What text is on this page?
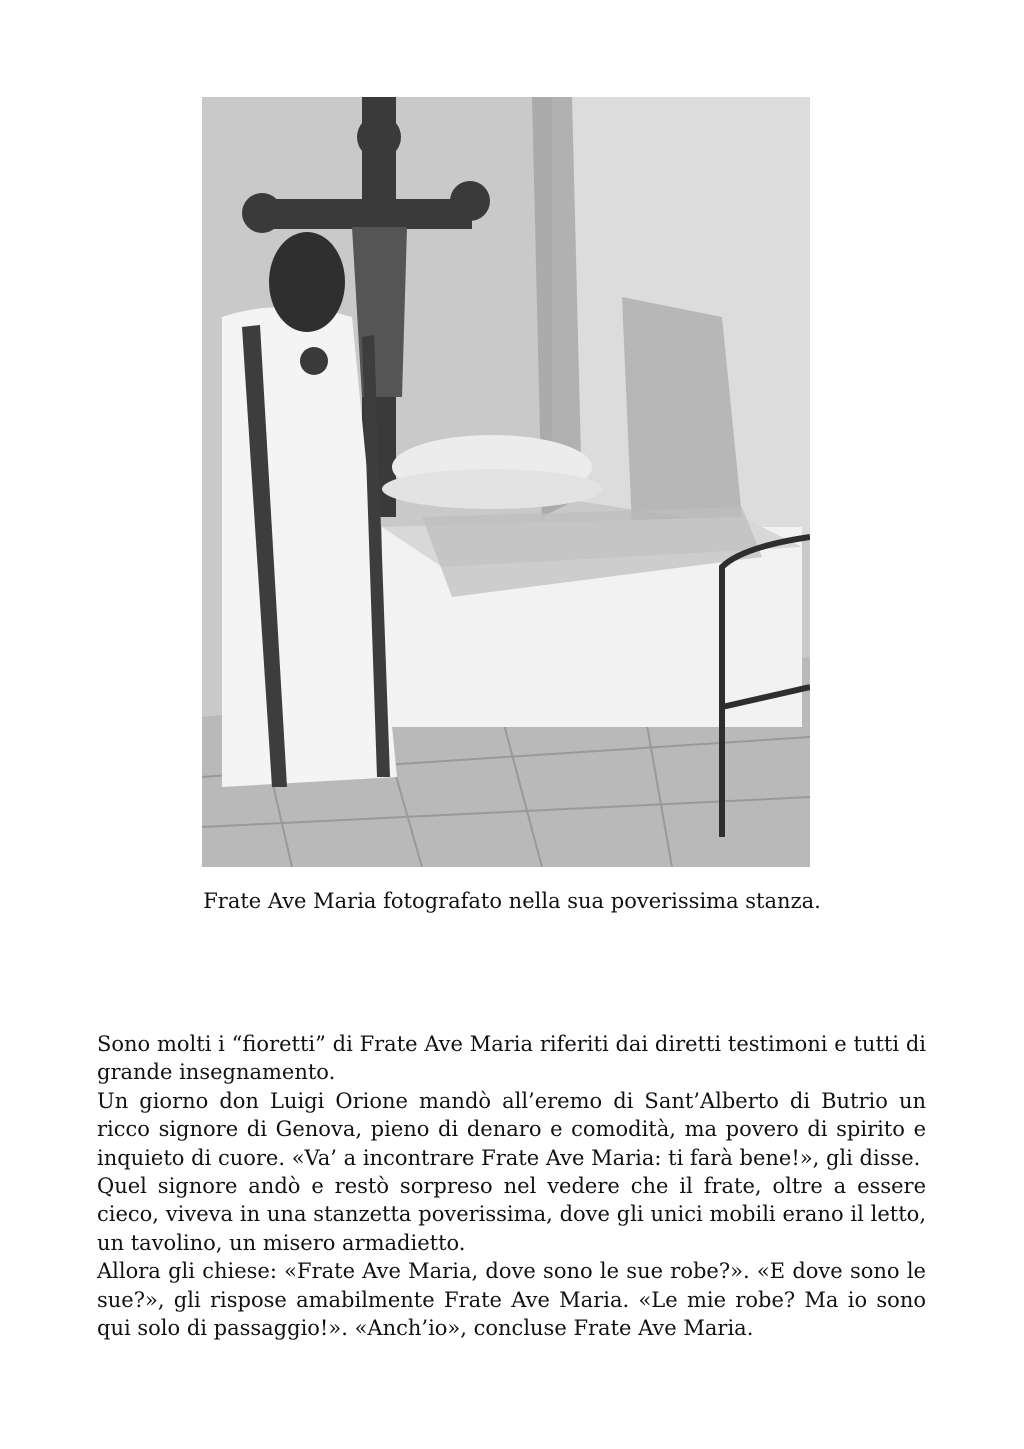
Frate Ave Maria fotografato nella sua poverissima stanza.

Sono molti i “fioretti” di Frate Ave Maria riferiti dai diretti testimoni e tutti di grande insegnamento.

Un giorno don Luigi Orione mandò all’eremo di Sant’Alberto di Butrio un ricco signore di Genova, pieno di denaro e comodità, ma povero di spirito e inquieto di cuore. «Va’ a incontrare Frate Ave Maria: ti farà bene!», gli disse.

Quel signore andò e restò sorpreso nel vedere che il frate, oltre a essere cieco, viveva in una stanzetta poverissima, dove gli unici mobili erano il letto, un tavolino, un misero armadietto.

Allora gli chiese: «Frate Ave Maria, dove sono le sue robe?». «E dove sono le sue?», gli rispose amabilmente Frate Ave Maria. «Le mie robe? Ma io sono qui solo di passaggio!». «Anch’io», concluse Frate Ave Maria.
